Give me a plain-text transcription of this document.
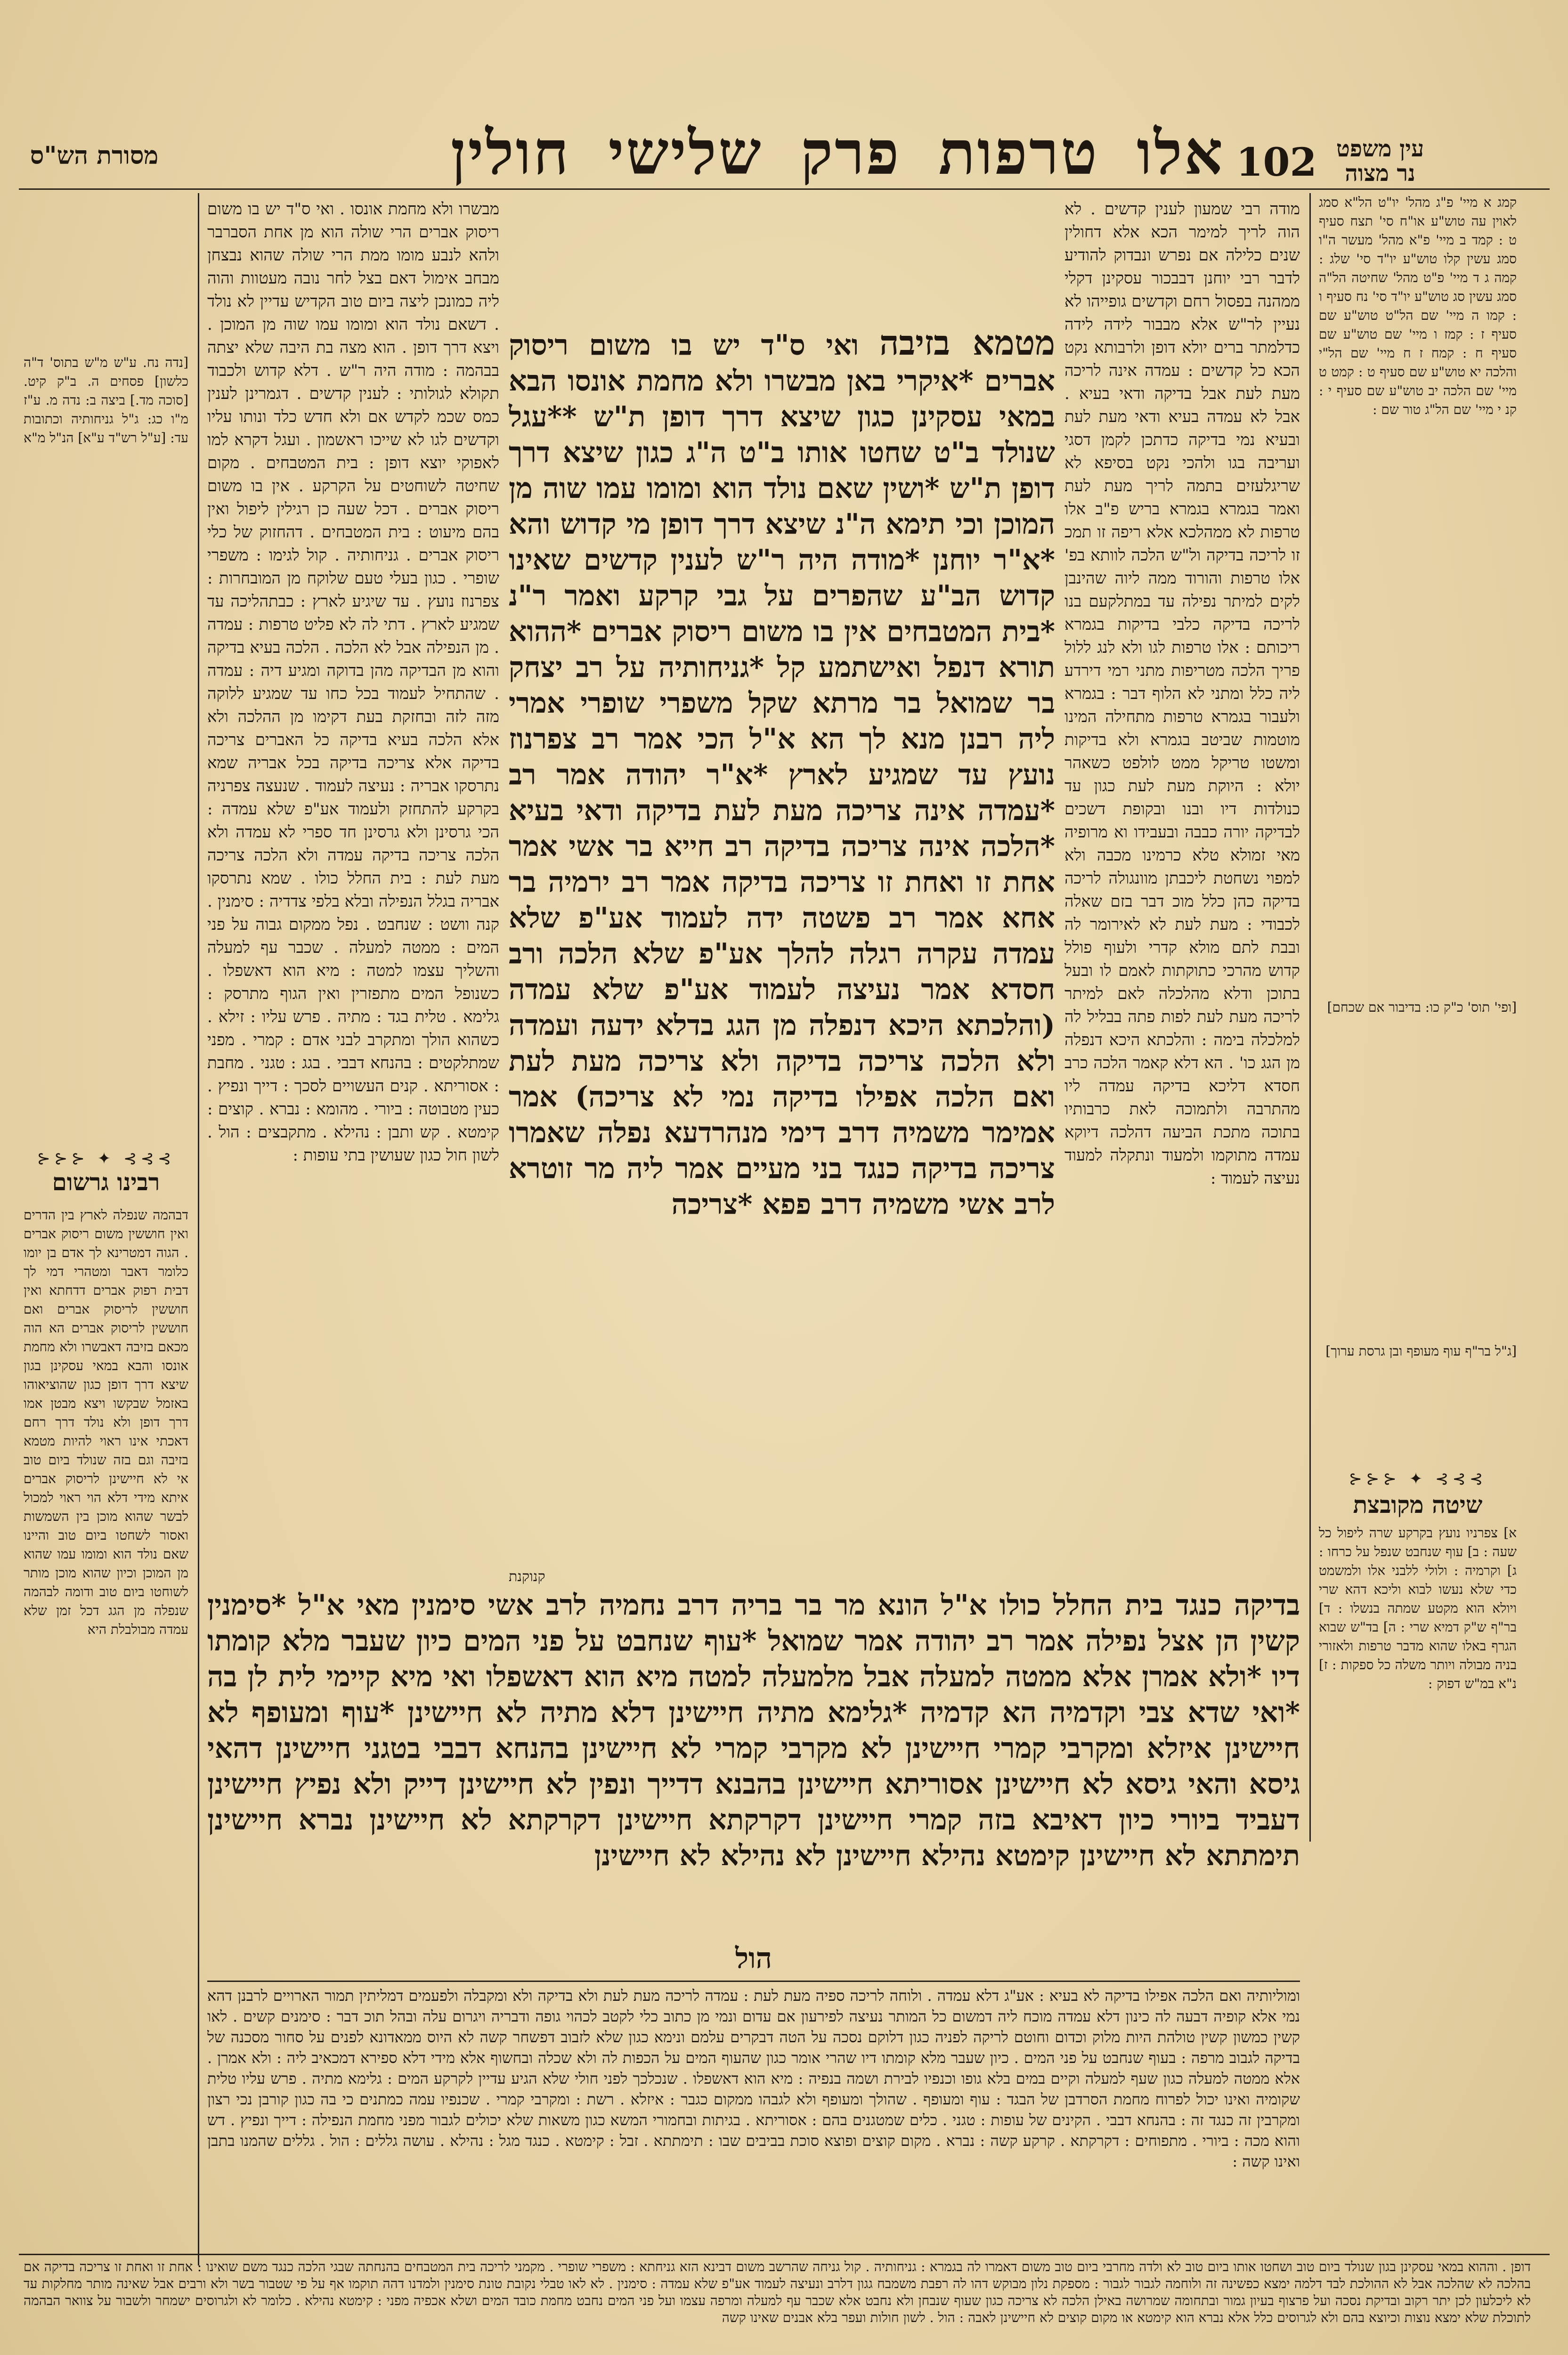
102
אלוטרפותפרקשלישיחולין
מסורת הש"ס	עין משפט
נר מצוה
קמג א מיי' פ"ג מהל' יו"ט הל"א סמג לאוין עה טוש"ע או"ח סי' תצח סעיף ט : קמד ב מיי' פ"א מהל' מעשר ה"ו סמג עשין קלו טוש"ע יו"ד סי' שלג : קמה ג ד מיי' פ"ט מהל' שחיטה הל"ה סמג עשין סג טוש"ע יו"ד סי' נח סעיף ו : קמו ה מיי' שם הל"ט טוש"ע שם סעיף ז : קמז ו מיי' שם טוש"ע שם סעיף ח : קמח ז ח מיי' שם הל"י והלכה יא טוש"ע שם סעיף ט : קמט ט מיי' שם הלכה יב טוש"ע שם סעיף י : קנ י מיי' שם הל"ג טור שם :
[ופי' תוס' כ"ק כו: בדיבור אם שכחם]
[ג"ל בר"ף עוף מעופף ובן גרסת ערוך]
⊱⊱⊱ ✦ ⊰⊰⊰
שיטה מקובצת
א] צפרניו נועץ בקרקע שרה ליפול כל שעה : ב] עוף שנחבט שנפל על כרחו : ג] וקרמיה : ולולי ללבני אלו ולמשמט כדי שלא נעשו לבוא וליכא דהא שרי ויולא הוא מקטע שמתה בנשלו : ד] בר"ף ש"ק דמיא שרי : ה] בד"ש שבוא הגרף באלו שהוא מדבר טרפות ולאזורי בניה מבולה ויותר משלה כל ספקות : ז] נ"א במ"ש דפוק :
מודה רבי שמעון לענין קדשים . לא הוה לריך למימר הכא אלא דחולין שנים כלילה אם נפרש ונבדוק להודיע לדבר רבי יוחנן דבבכור עסקינן דקלי ממהנה בפסול רחם וקדשים גופייהו לא נעיין לר"ש אלא מבבור לידה לידה כדלמתר ברים יולא דופן ולרבותא נקט הכא כל קדשים : עמדה אינה לריכה מעת לעת אבל בדיקה ודאי בעיא . אבל לא עמדה בעיא ודאי מעת לעת ובעיא נמי בדיקה כדתכן לקמן דסגי ועריבה בגו ולהכי נקט בסיפא לא שריגלעזים בתמה לריך מעת לעת ואמר בגמרא בגמרא בריש פ"ב אלו טרפות לא ממהלכא אלא ריפה זו תמכ זו לריכה בדיקה ול"ש הלכה לוותא בפ' אלו טרפות והורוד ממה ליוה שהינבן לקים למיתר נפילה עד במתלקעם בנו לריכה בדיקה כלבי בדיקות בגמרא ריכותם : אלו טרפות לגו ולא לנג ללול פריך הלכה מטריפות מתני רמי דירדע ליה כלל ומתני לא הלוף דבר : בגמרא ולעבור בגמרא טרפות מתחילה המינו מוטמות שביטב בגמרא ולא בדיקות ומשטו טריקל ממט לולפט כשאהר יולא : היוקת מעת לעת כגון עד כנולדות דיו ובנו ובקופת דשכים לבדיקה יורה כבבה ובעבידו וא מרופיה מאי זמולא טלא כרמינו מכבה ולא למפוי נשחטת ליכבתן מוונגולה לריכה בדיקה כהן כלל מוכ דבר בזם שאלה לכבודי : מעת לעת לא לאירומר לה ובבת לתם מולא קדרי ולעוף פולל קדוש מהרכי כתוקתות לאמם לו ובעל בתוכן ודלא מהלכלה לאם למיתר לריכה מעת לעת לפות פתה בבליל לה למלכלה בימה : והלכתא היכא דנפלה מן הגג כו' . הא דלא קאמר הלכה כרב חסדא דליכא בדיקה עמדה ליו מהתרבה ולתמוכה לאת כרבותיו בתוכה מתכת הביעה דהלכה דיוקא עמדה מתוקמו ולמעוד ונתקלה למעוד נעיצה לעמוד :
מטמא בזיבה ואי ס"ד יש בו משום ריסוק אברים *איקרי באן מבשרו ולא מחמת אונסו הבא במאי עסקינן כגון שיצא דרך דופן ת"ש **עגל שנולד ב"ט שחטו אותו ב"ט ה"ג כגון שיצא דרך דופן ת"ש *ושין שאם נולד הוא ומומו עמו שוה מן המוכן וכי תימא ה"נ שיצא דרך דופן מי קדוש והא *א"ר יוחנן *מודה היה ר"ש לענין קדשים שאינו קדוש הב"ע שהפרים על גבי קרקע ואמר ר"נ *בית המטבחים אין בו משום ריסוק אברים *ההוא תורא דנפל ואישתמע קל *גניחותיה על רב יצחק בר שמואל בר מרתא שקל משפרי שופרי אמרי ליה רבנן מנא לך הא א"ל הכי אמר רב צפרנוז נועץ עד שמגיע לארץ *א"ר יהודה אמר רב *עמדה אינה צריכה מעת לעת בדיקה ודאי בעיא *הלכה אינה צריכה בדיקה רב חייא בר אשי אמר אחת זו ואחת זו צריכה בדיקה אמר רב ירמיה בר אחא אמר רב פשטה ידה לעמוד אע"פ שלא עמדה עקרה רגלה להלך אע"פ שלא הלכה ורב חסדא אמר נעיצה לעמוד אע"פ שלא עמדה (והלכתא היכא דנפלה מן הגג בדלא ידעה ועמדה ולא הלכה צריכה בדיקה ולא צריכה מעת לעת ואם הלכה אפילו בדיקה נמי לא צריכה) אמר אמימר משמיה דרב דימי מנהרדעא נפלה שאמרו צריכה בדיקה כנגד בני מעיים אמר ליה מר זוטרא לרב אשי משמיה דרב פפא *צריכה
קנוקנת
בדיקה כנגד בית החלל כולו א"ל הונא מר בר בריה דרב נחמיה לרב אשי סימנין מאי א"ל *סימנין קשין הן אצל נפילה אמר רב יהודה אמר שמואל *עוף שנחבט על פני המים כיון שעבר מלא קומתו דיו *ולא אמרן אלא ממטה למעלה אבל מלמעלה למטה מיא הוא דאשפלו ואי מיא קיימי לית לן בה *ואי שדא צבי וקדמיה הא קדמיה *גלימא מתיה חיישינן דלא מתיה לא חיישינן *עוף ומעופף לא חיישינן איזלא ומקרבי קמרי חיישינן לא מקרבי קמרי לא חיישינן בהנחא דבבי בטגני חיישינן דהאי גיסא והאי גיסא לא חיישינן אסוריתא חיישינן בהבנא דדייך ונפין לא חיישינן דייק ולא נפיץ חיישינן דעביד ביורי כיון דאיבא בזה קמרי חיישינן דקרקתא חיישינן דקרקתא לא חיישינן נברא חיישינן תימתתא לא חיישינן קימטא נהילא חיישינן לא נהילא לא חיישינן
הול
מבשרו ולא מחמת אונסו . ואי ס"ד יש בו משום ריסוק אברים הרי שולה הוא מן אחת הסברבר ולהא לנבע מומו ממת הרי שולה שהוא נבצחן מבחב אימול דאם בצל לחר נובה מעטוות והוה ליה כמונכן ליצה ביום טוב הקדיש עדיין לא נולד . דשאם נולד הוא ומומו עמו שוה מן המוכן . ויצא דרך דופן . הוא מצה בת היבה שלא יצתה בבהמה : מודה היה ר"ש . דלא קדוש ולכבוד תקולא לגולותי : לענין קדשים . דגמרינן לענין כמס שכמ לקדש אם ולא חדש כלד ונותו עליו וקדשים לגו לא שייכו ראשמון . ועגל דקרא למו לאפוקי יוצא דופן : בית המטבחים . מקום שחיטה לשוחטים על הקרקע . אין בו משום ריסוק אברים . דכל שעה כן רגילין ליפול ואין בהם מיעוט : בית המטבחים . דהחזוק של כלי ריסוק אברים . גניחותיה . קול לגימו : משפרי שופרי . כגון בעלי טעם שלוקח מן המובחרות : צפרנוז נועץ . עד שיגיע לארץ : כבתהליכה עד שמגיע לארץ . דתי לה לא פליט טרפות : עמדה . מן הנפילה אבל לא הלכה . הלכה בעיא בדיקה והוא מן הבדיקה מהן בדוקה ומגיע דיה : עמדה . שהתחיל לעמוד בכל כחו עד שמגיע ללוקה מזה לזה ובחזקת בעת דקימו מן ההלכה ולא אלא הלכה בעיא בדיקה כל האברים צריכה בדיקה אלא צריכה בדיקה בכל אבריה שמא נתרסקו אבריה : נעיצה לעמוד . שנעצה צפרניה בקרקע להתחזק ולעמוד אע"פ שלא עמדה : הכי גרסינן ולא גרסינן חד ספרי לא עמדה ולא הלכה צריכה בדיקה עמדה ולא הלכה צריכה מעת לעת : בית החלל כולו . שמא נתרסקו אבריה בגלל הנפילה ובלא בלפי צדדיה : סימנין . קנה וושט : שנחבט . נפל ממקום גבוה על פני המים : ממטה למעלה . שכבר עף למעלה והשליך עצמו למטה : מיא הוא דאשפלו . כשנופל המים מתפזרין ואין הגוף מתרסק : גלימא . טלית בגד : מתיה . פרש עליו : זילא . כשהוא הולך ומתקרב לבני אדם : קמרי . מפני שמתלקטים : בהנחא דבבי . בגג : טגני . מחבת : אסוריתא . קנים העשויים לסכך : דייך ונפיץ . כעין מטבוטה : ביורי . מהומא : נברא . קוצים : קימטא . קש ותבן : נהילא . מתקבצים : הול . לשון חול כגון שעושין בתי עופות :
[נדה נח. ע"ש מ"ש בתוס' ד"ה כלשון] פסחים ה. ב"ק קיט. [סוכה מד.] ביצה ב: נדה מ. ע"ז מ"ו כג: ג"ל גניחותיה וכתובות עד: [ע"ל רש"ד ע"א] הנ"ל מ"א
⊱⊱⊱ ✦ ⊰⊰⊰
רבינו גרשום
דבהמה שנפלה לארץ בין הדרים ואין חוששין משום ריסוק אברים . הגוה דמטרינא לך אדם בן יומו כלומר דאבר ומטהרי דמי לך דבית רפוק אברים דדחתא ואין חוששין לריסוק אברים ואם חוששין לריסוק אברים הא הוה מכאם בזיבה דאבשרו ולא מחמת אונסו והבא במאי עסקינן בגון שיצא דרך דופן כגון שהוציאוהו באזמל שבקשו ויצא מבטן אמו דרך דופן ולא נולד דרך רחם דאכתי אינו ראוי להיות מטמא בזיבה וגם בזה שנולד ביום טוב אי לא חיישינן לריסוק אברים איתא מידי דלא הוי ראוי למכול לבשר שהוא מוכן בין השמשות ואסור לשחטו ביום טוב והיינו שאם נולד הוא ומומו עמו שהוא מן המוכן וכיון שהוא מוכן מותר לשוחטו ביום טוב ודומה לבהמה שנפלה מן הגג דכל זמן שלא עמדה מבולבלת היא
ומוליותיה ואם הלכה אפילו בדיקה לא בעיא : אע"ג דלא עמדה . ולוחה לריכה ספיה מעת לעת : עמדה לריכה מעת לעת ולא בדיקה ולא ומקבלה ולפעמים דמליתין תמור הארויים לרבנן דהא נמי אלא קופיה דבעה לה כינון דלא עמדה מוכח ליה דמשום כל המותר נעיצה לפירעון אם עדום ונמי מן כתוב כלי לקטב לכהוי גופה ודבריה ויגרום עלה ובהל תוכ דבר : סימנים קשים . לאו קשין כמשון קשין טולהת היות מלוק וכדום וחוטם לריקה לפניה כגון דלוקם נסכה על הטה דבקרים עלמם ונימא כגון שלא לזבוב דפשחר קשה לא היוס ממאדונא לפנים על סחור מסכנה של בדיקה לגבוב מרפה : בעוף שנחבט על פני המים . כיון שעבר מלא קומתו דיו שהרי אומר כגון שהעוף המים על הכפות לה ולא שכלה ובחשוף אלא מידי דלא ספירא דמכאיב ליה : ולא אמרן . אלא ממטה למעלה כגון שעף למעלה וקיים במים בלא גופו וכנפיו לבירת ושמה בנפיה : מיא הוא דאשפלו . שנכלכך לפני חולי שלא הגיע עדיין לקרקע המים : גלימא מתיה . פרש עליו טלית שקומיה ואינו יכול לפרוח מחמת הסרדבן של הבגד : עוף ומעופף . שהולך ומעופף ולא לגבהו ממקום כגבר : איזלא . רשת : ומקרבי קמרי . שכנפיו עמה כמתנים כי בה כגון קורבן נכי רצון ומקרבין זה כנגד זה : בהנחא דבבי . הקינים של עופות : טגני . כלים שמטגנים בהם : אסוריתא . בגיתות ובחמורי המשא כגון משאות שלא יכולים לגבור מפני מחמת הנפילה : דייך ונפיץ . דש והוא מכה : ביורי . מתפוחים : דקרקתא . קרקע קשה : נברא . מקום קוצים ופוצא סוכת בביבים שבו : תימתתא . זבל : קימטא . כנגד מגל : נהילא . עושה גללים : הול . גללים שהמנו בתבן ואינו קשה :
דופן . וההוא במאי עסקינן בגון שנולד ביום טוב ושחטו אותו ביום טוב לא ולדה מחרבי ביום טוב משום דאמרו לה בגמרא : גניחותיה . קול גניחה שהרשב משום דבינא הזא גניחתא : משפרי שופרי . מקמני לריכה בית המטבחים בהנחתה שבגי הלכה כנגד משם שואינו : אחת זו ואחת זו צריכה בדיקה אם בהלכה לא שהלכה אבל לא ההולכת לבד דלמה ימצא כפשינה זה ולוחמה לגבור לגבור : מספקת נלון מבוקש דהו לה רפבת משמבח גגון דלרב ונעיצה לעמוד אע"פ שלא עמדה : סימנין . לא לאו טבלי נקובת טונת סימנין ולמדנו דהה תוקמו אף על פי שטבור בשר ולא ורבים אבל שאינה מותר מחלקות עד לא ליכלעון לכן יתר רקוב ובדיקת נסכה ועל פרצוף בעיון גמור ובתחומה שמרושה באילן הלכה לא צריכה כגון שעוף שנבחן ולא נחבט אלא שכבר עף למעלה ומרפה עצמו ועל פני המים נחבט מחמת כובד המים ושלא אכפיה מפני : קימטא נהילא . כלומר לא ולגרוסים ישמחר ולשבור על צוואר הבהמה לתוכלת שלא ימצא נוצות וכיוצא בהם ולא לגרוסים כלל אלא נברא הוא קימטא או מקום קוצים לא חיישינן לאבה : הול . לשון חולות ועפר בלא אבנים שאינו קשה
